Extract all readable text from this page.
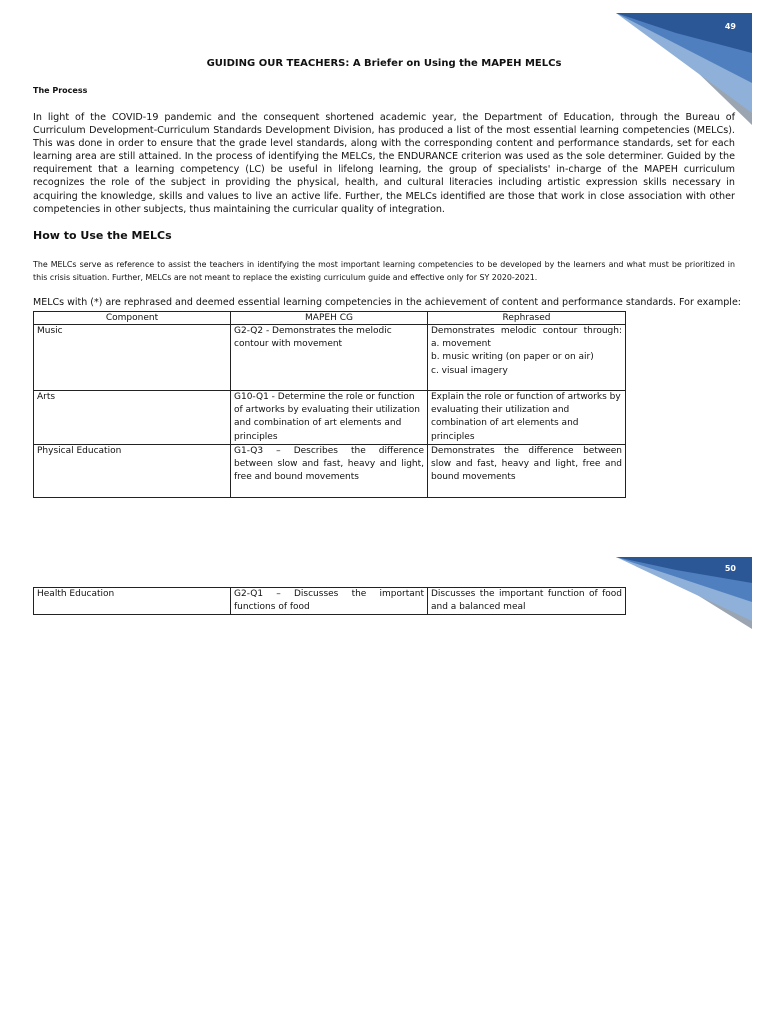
49
GUIDING OUR TEACHERS: A Briefer on Using the MAPEH MELCs
The Process

In light of the COVID-19 pandemic and the consequent shortened academic year, the Department of Education, through the Bureau of Curriculum Development-Curriculum Standards Development Division, has produced a list of the most essential learning competencies (MELCs). This was done in order to ensure that the grade level standards, along with the corresponding content and performance standards, set for each learning area are still attained. In the process of identifying the MELCs, the ENDURANCE criterion was used as the sole determiner. Guided by the requirement that a learning competency (LC) be useful in lifelong learning, the group of specialists' in-charge of the MAPEH curriculum recognizes the role of the subject in providing the physical, health, and cultural literacies including artistic expression skills necessary in acquiring the knowledge, skills and values to live an active life. Further, the MELCs identified are those that work in close association with other competencies in other subjects, thus maintaining the curricular quality of integration.

How to Use the MELCs

The MELCs serve as reference to assist the teachers in identifying the most important learning competencies to be developed by the learners and what must be prioritized in this crisis situation. Further, MELCs are not meant to replace the existing curriculum guide and effective only for SY 2020-2021.

MELCs with (*) are rephrased and deemed essential learning competencies in the achievement of content and performance standards. For example:

Component	MAPEH CG	Rephrased
Music	G2-Q2 - Demonstrates the melodic contour with movement	Demonstrates melodic contour through:
a. movement
b. music writing (on paper or on air)
c. visual imagery

Arts	G10-Q1 - Determine the role or function of artworks by evaluating their utilization and combination of art elements and principles	Explain the role or function of artworks by evaluating their utilization and combination of art elements and principles
Physical Education	G1-Q3 – Describes the difference between slow and fast, heavy and light, free and bound movements	Demonstrates the difference between slow and fast, heavy and light, free and bound movements
50
Health Education	G2-Q1 – Discusses the important functions of food	Discusses the important function of food and a balanced meal
